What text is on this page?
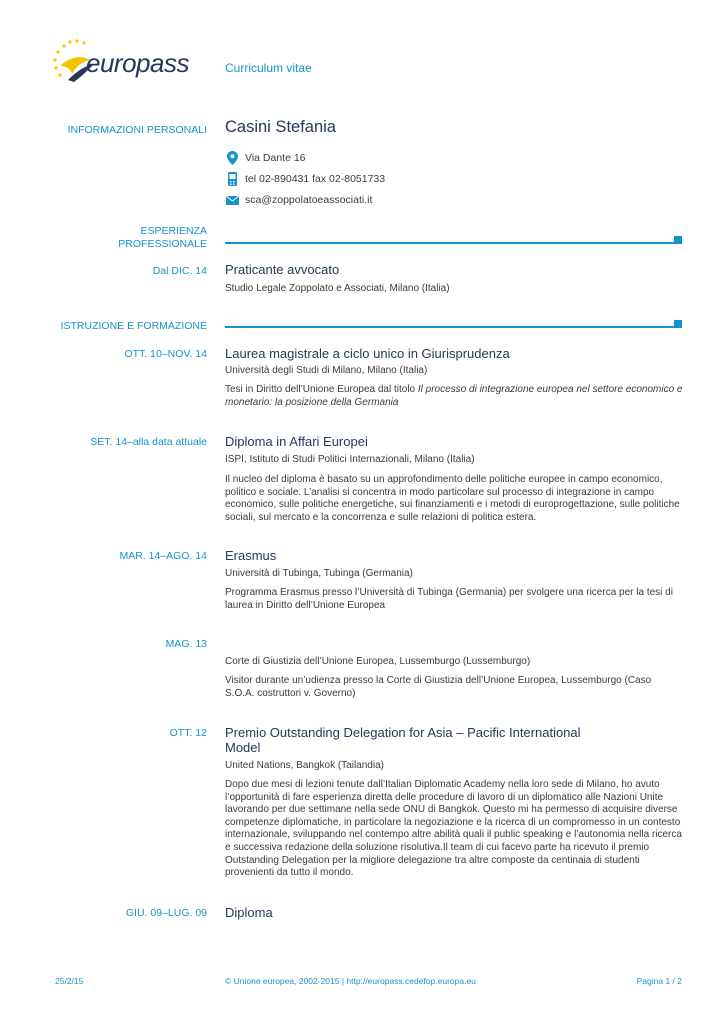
europass	Curriculum vitae
INFORMAZIONI PERSONALI Casini Stefania
Via Dante 16
tel 02-890431 fax 02-8051733
sca@zoppolatoeassociati.it
ESPERIENZA
PROFESSIONALE
Dal DIC. 14 Praticante avvocato
Studio Legale Zoppolato e Associati, Milano (Italia)
ISTRUZIONE E FORMAZIONE
OTT. 10–NOV. 14 Laurea magistrale a ciclo unico in Giurisprudenza
Università degli Studi di Milano, Milano (Italia)
Tesi in Diritto dell’Unione Europea dal titolo Il processo di integrazione europea nel settore economico e monetario: la posizione della Germania
SET. 14–alla data attuale Diploma in Affari Europei
ISPI, Istituto di Studi Politici Internazionali, Milano (Italia)
Il nucleo del diploma è basato su un approfondimento delle politiche europee in campo economico, politico e sociale. L’analisi si concentra in modo particolare sul processo di integrazione in campo economico, sulle politiche energetiche, sui finanziamenti e i metodi di europrogettazione, sulle politiche sociali, sul mercato e la concorrenza e sulle relazioni di politica estera.
MAR. 14–AGO. 14 Erasmus
Università di Tubinga, Tubinga (Germania)
Programma Erasmus presso l’Università di Tubinga (Germania) per svolgere una ricerca per la tesi di laurea in Diritto dell’Unione Europea
MAG. 13
Corte di Giustizia dell’Unione Europea, Lussemburgo (Lussemburgo)
Visitor durante un’udienza presso la Corte di Giustizia dell’Unione Europea, Lussemburgo (Caso S.O.A. costruttori v. Governo)
OTT. 12 Premio Outstanding Delegation for Asia – Pacific International Model
United Nations, Bangkok (Tailandia)
Dopo due mesi di lezioni tenute dall’Italian Diplomatic Academy nella loro sede di Milano, ho avuto l’opportunità di fare esperienza diretta delle procedure di lavoro di un diplomatico alle Nazioni Unite lavorando per due settimane nella sede ONU di Bangkok. Questo mi ha permesso di acquisire diverse competenze diplomatiche, in particolare la negoziazione e la ricerca di un compromesso in un contesto internazionale, sviluppando nel contempo altre abilità quali il public speaking e l’autonomia nella ricerca e successiva redazione della soluzione risolutiva.Il team di cui facevo parte ha ricevuto il premio Outstanding Delegation per la migliore delegazione tra altre composte da centinaia di studenti provenienti da tutto il mondo.
GIU. 09–LUG. 09 Diploma
25/2/15	© Unione europea, 2002-2015 | http://europass.cedefop.europa.eu	Pagina 1 / 2
